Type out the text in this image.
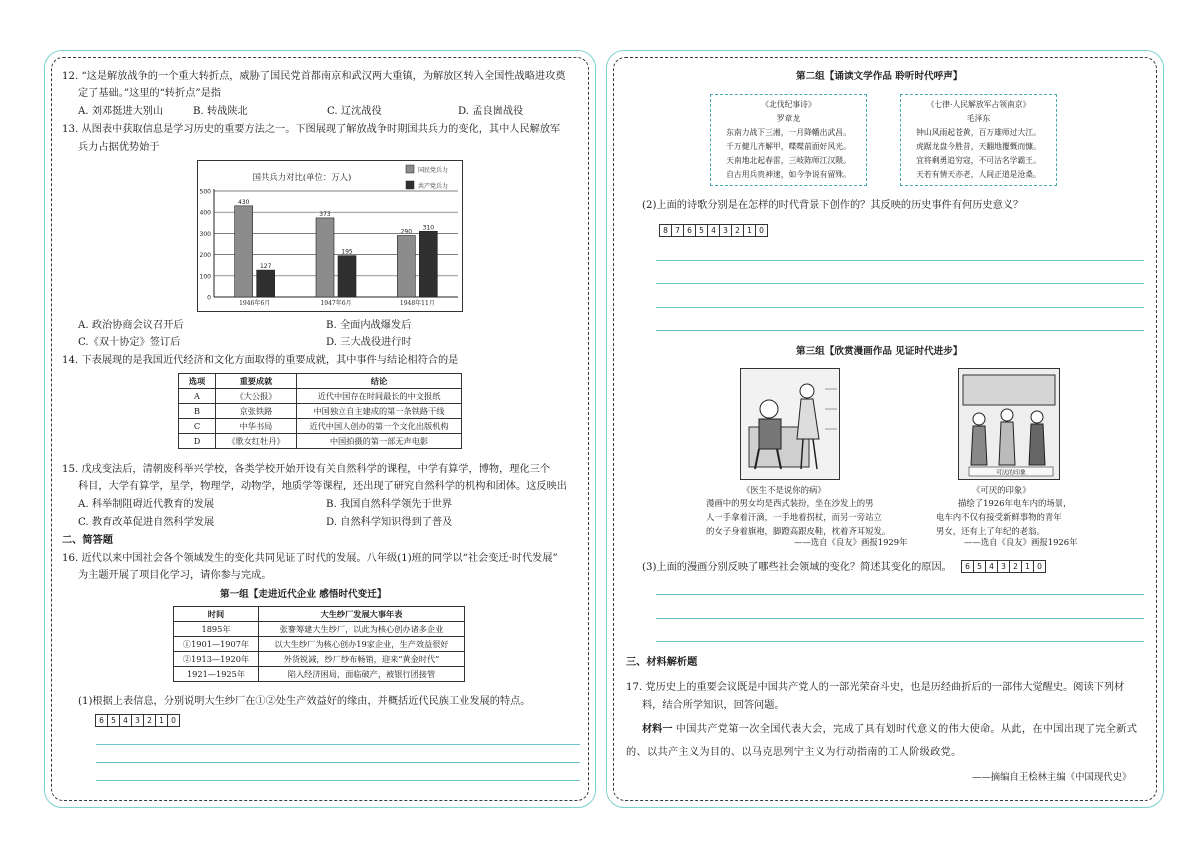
12. “这是解放战争的一个重大转折点，威胁了国民党首都南京和武汉两大重镇，为解放区转入全国性战略进攻奠
定了基础。”这里的“转折点”是指
A. 刘邓挺进大别山	B. 转战陕北	C. 辽沈战役	D. 孟良崮战役
13. 从图表中获取信息是学习历史的重要方法之一。下图展现了解放战争时期国共兵力的变化，其中人民解放军
兵力占据优势始于
国共兵力对比(单位：万人)
0
100
200
300
400
500
430
127
1946年6月
373
195
1947年6月
290
310
1948年11月
国民党兵力
共产党兵力
A. 政治协商会议召开后	B. 全面内战爆发后
C.《双十协定》签订后	D. 三大战役进行时
14. 下表展现的是我国近代经济和文化方面取得的重要成就，其中事件与结论相符合的是
选项	重要成就	结论
A	《大公报》	近代中国存在时间最长的中文报纸
B	京张铁路	中国独立自主建成的第一条铁路干线
C	中华书局	近代中国人创办的第一个文化出版机构
D	《歌女红牡丹》	中国拍摄的第一部无声电影
15. 戊戌变法后，清朝废科举兴学校，各类学校开始开设有关自然科学的课程，中学有算学，博物，理化三个
科目，大学有算学，星学，物理学，动物学，地质学等课程，还出现了研究自然科学的机构和团体。这反映出
A. 科举制阻碍近代教育的发展	B. 我国自然科学领先于世界
C. 教育改革促进自然科学发展	D. 自然科学知识得到了普及
二、简答题
16. 近代以来中国社会各个领域发生的变化共同见证了时代的发展。八年级(1)班的同学以“社会变迁·时代发展”
为主题开展了项目化学习，请你参与完成。
第一组【走进近代企业 感悟时代变迁】
时间	大生纱厂发展大事年表
1895年	张謇筹建大生纱厂，以此为核心创办诸多企业
①1901—1907年	以大生纱厂为核心创办19家企业，生产效益很好
②1913—1920年	外货锐减，纱厂纱布畅销，迎来“黄金时代”
1921—1925年	陷入经济困局，面临破产，被银行团接管
(1)根据上表信息，分别说明大生纱厂在①②处生产效益好的缘由，并概括近代民族工业发展的特点。
6 5 4 3 2 1 0
第二组【诵读文学作品 聆听时代呼声】
《北伐纪事诗》
罗章龙
东南力战下三湘，一月降幡出武昌。
千万健儿齐解甲，喋喋前面好风光。
天南地北起春雷，三岐陈师江汉隈。
自古用兵贵神速，如今争说有留殊。
《七律·人民解放军占领南京》
毛泽东
钟山风雨起苍黄，百万雄师过大江。
虎踞龙盘今胜昔，天翻地覆慨而慷。
宜将剩勇追穷寇，不可沽名学霸王。
天若有情天亦老，人间正道是沧桑。
(2)上面的诗歌分别是在怎样的时代背景下创作的？其反映的历史事件有何历史意义？
8 7 6 5 4 3 2 1 0
第三组【欣赏漫画作品 见证时代进步】
《医生不是说你的病》
漫画中的男女均是西式装扮，坐在沙发上的男
人一手拿着汗滴，一手地着拐杖，而另一旁站立
的女子身着旗袍，脚蹬高跟皮鞋，枕着齐耳短发。
——选自《良友》画报1929年
可厌的印象
《可厌的印象》
描绘了1926年电车内的场景，
电车内不仅有接受新鲜事物的青年
男女，还有上了年纪的老翁。
——选自《良友》画报1926年
(3)上面的漫画分别反映了哪些社会领域的变化？简述其变化的原因。	6 5 4 3 2 1 0
三、材料解析题
17. 党历史上的重要会议既是中国共产党人的一部光荣奋斗史，也是历经曲折后的一部伟大觉醒史。阅读下列材
料，结合所学知识，回答问题。
材料一 中国共产党第一次全国代表大会，完成了具有划时代意义的伟大使命。从此，在中国出现了完全新式
的、以共产主义为目的、以马克思列宁主义为行动指南的工人阶级政党。
——摘编自王桧林主编《中国现代史》
